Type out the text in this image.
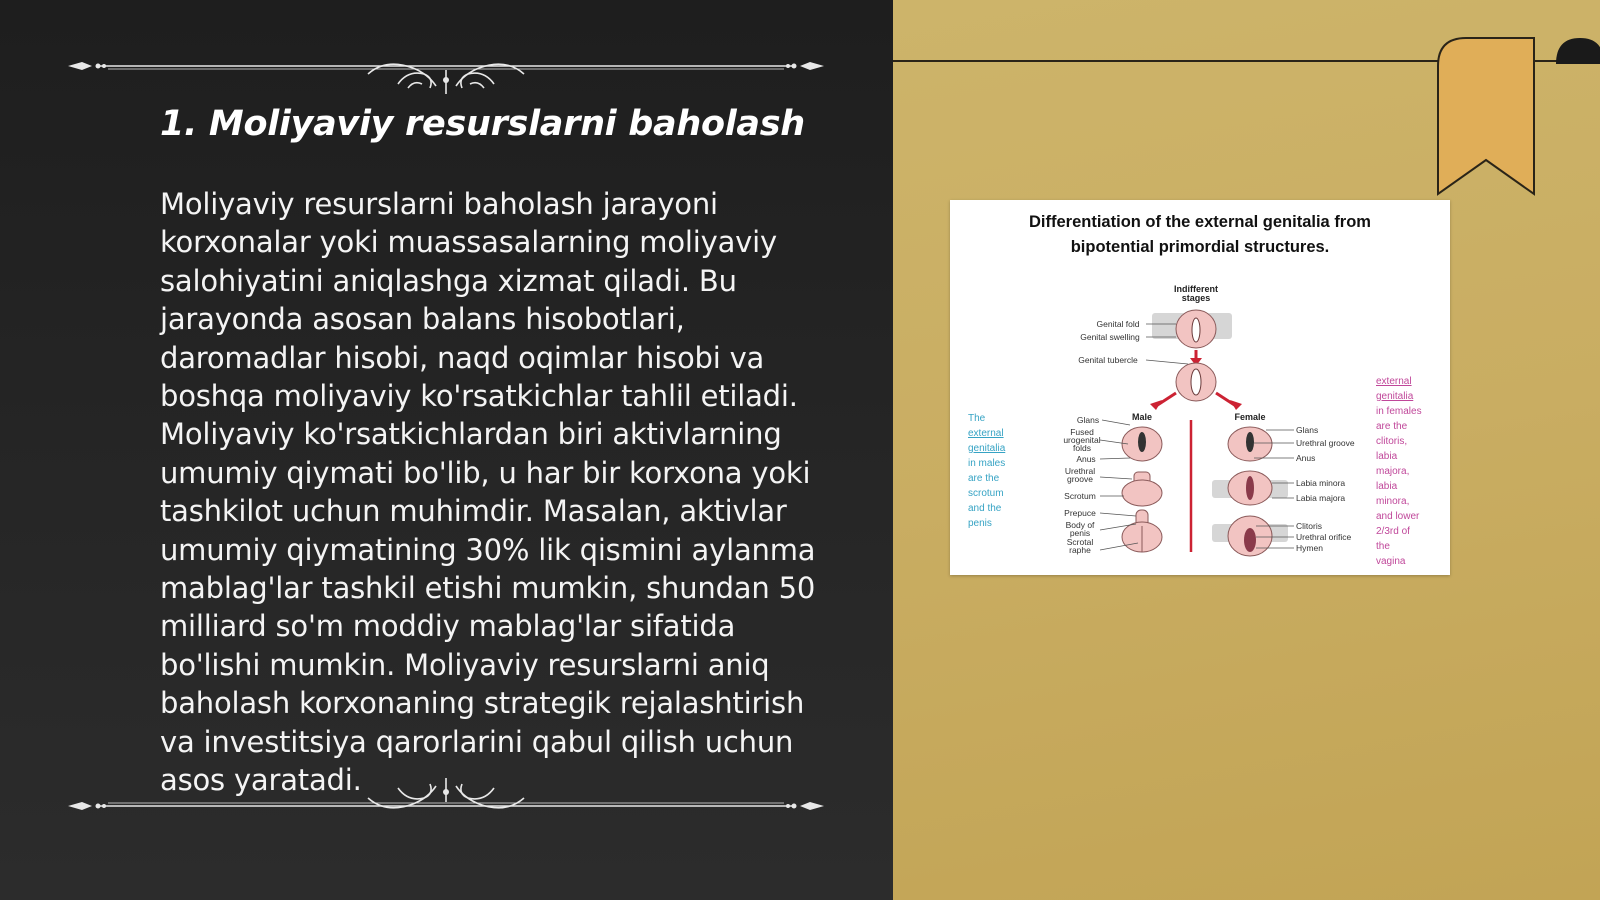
1. Moliyaviy resurslarni baholash

Moliyaviy resurslarni baholash jarayoni korxonalar yoki muassasalarning moliyaviy salohiyatini aniqlashga xizmat qiladi. Bu jarayonda asosan balans hisobotlari, daromadlar hisobi, naqd oqimlar hisobi va boshqa moliyaviy ko'rsatkichlar tahlil etiladi. Moliyaviy ko'rsatkichlardan biri aktivlarning umumiy qiymati bo'lib, u har bir korxona yoki tashkilot uchun muhimdir. Masalan, aktivlar umumiy qiymatining 30% lik qismini aylanma mablag'lar tashkil etishi mumkin, shundan 50 milliard so'm moddiy mablag'lar sifatida bo'lishi mumkin. Moliyaviy resurslarni aniq baholash korxonaning strategik rejalashtirish va investitsiya qarorlarini qabul qilish uchun asos yaratadi.

Indifferent
stages
Genital fold
Genital swelling
Genital tubercle
Male	Female
Glans
Fused
urogenital
folds
Anus
Urethral
groove
Scrotum
Prepuce
Body of
penis
Scrotal
raphe
Glans
Urethral groove
Anus
Labia minora
Labia majora
Clitoris
Urethral orifice
Hymen
The
external
genitalia
in males
are the
scrotum
and the
penis
external
genitalia
in females
are the
clitoris,
labia
majora,
labia
minora,
and lower
2/3rd of
the
vagina
Differentiation of the external genitalia from
bipotential primordial structures.
